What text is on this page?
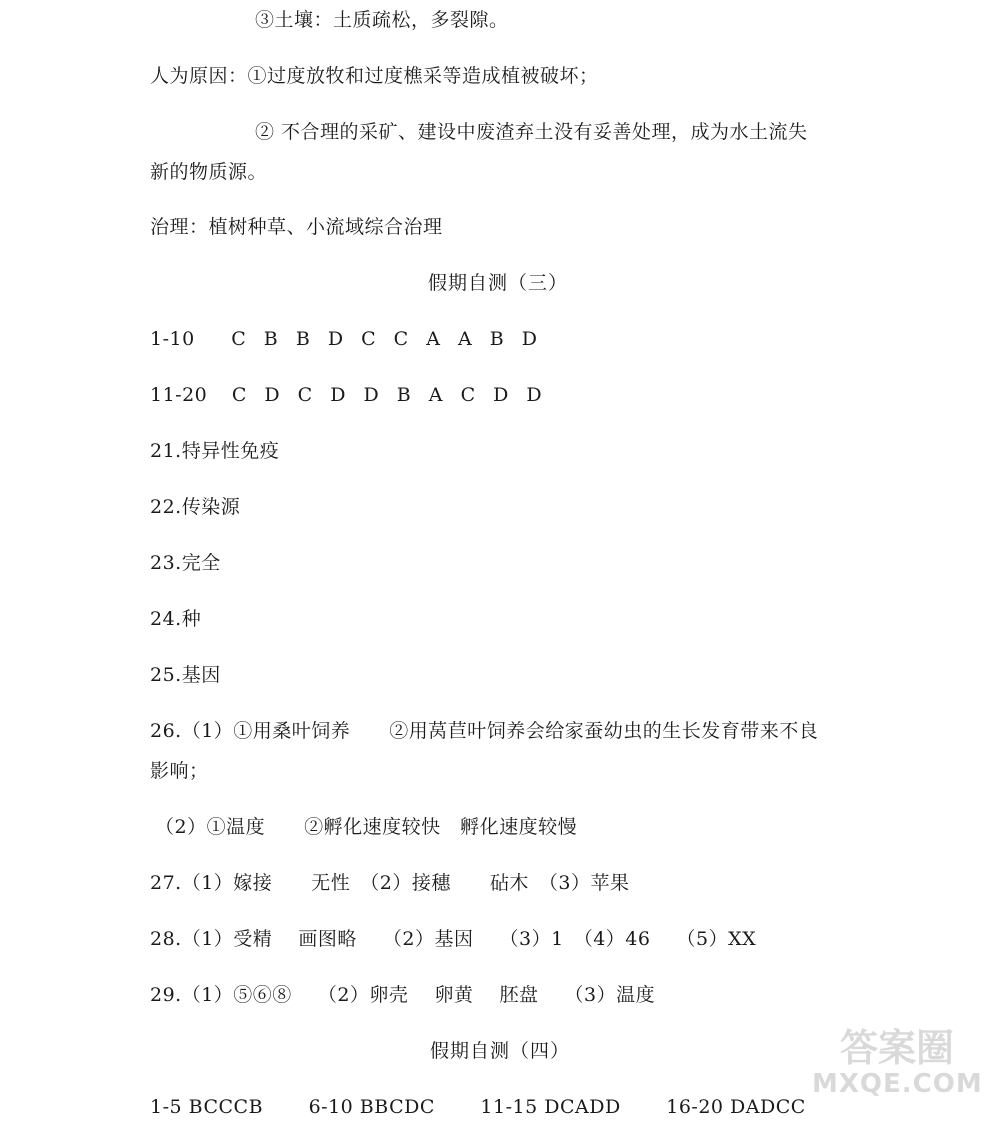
③土壤：土质疏松，多裂隙。
人为原因：①过度放牧和过度樵采等造成植被破坏；
② 不合理的采矿、建设中废渣弃土没有妥善处理，成为水土流失
新的物质源。
治理：植树种草、小流域综合治理
假期自测（三）
1-10 C B B D C C A A B D
11-20 C D C D D B A C D D
21.特异性免疫
22.传染源
23.完全
24.种
25.基因
26.（1）①用桑叶饲养　　②用莴苣叶饲养会给家蚕幼虫的生长发育带来不良
影响；
（2）①温度　　②孵化速度较快　孵化速度较慢
27.（1）嫁接　　无性　（2）接穗　　砧木　（3）苹果
28.（1）受精　 画图略　 （2）基因　 （3）1　（4）46　 （5）XX
29.（1）⑤⑥⑧　 （2）卵壳　 卵黄　 胚盘　 （3）温度
假期自测（四）
1-5 BCCCB　　 6-10 BBCDC　　 11-15 DCADD　　 16-20 DADCC
答案圈
MXQE.COM
